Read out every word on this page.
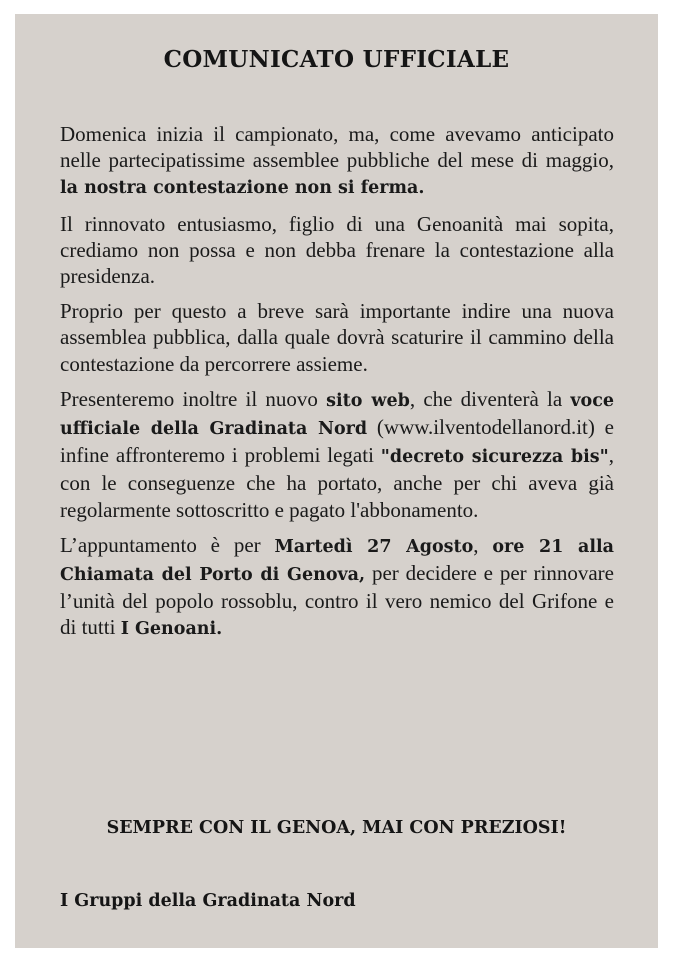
COMUNICATO UFFICIALE

Domenica inizia il campionato, ma, come avevamo anticipato nelle partecipatissime assemblee pubbliche del mese di maggio, la nostra contestazione non si ferma.

Il rinnovato entusiasmo, figlio di una Genoanità mai sopita, crediamo non possa e non debba frenare la contestazione alla presidenza.

Proprio per questo a breve sarà importante indire una nuova assemblea pubblica, dalla quale dovrà scaturire il cammino della contestazione da percorrere assieme.

Presenteremo inoltre il nuovo sito web, che diventerà la voce ufficiale della Gradinata Nord (www.ilventodellanord.it) e infine affronteremo i problemi legati "decreto sicurezza bis", con le conseguenze che ha portato, anche per chi aveva già regolarmente sottoscritto e pagato l'abbonamento.

L’appuntamento è per Martedì 27 Agosto, ore 21 alla Chiamata del Porto di Genova, per decidere e per rinnovare l’unità del popolo rossoblu, contro il vero nemico del Grifone e di tutti I Genoani.

SEMPRE CON IL GENOA, MAI CON PREZIOSI!
I Gruppi della Gradinata Nord
